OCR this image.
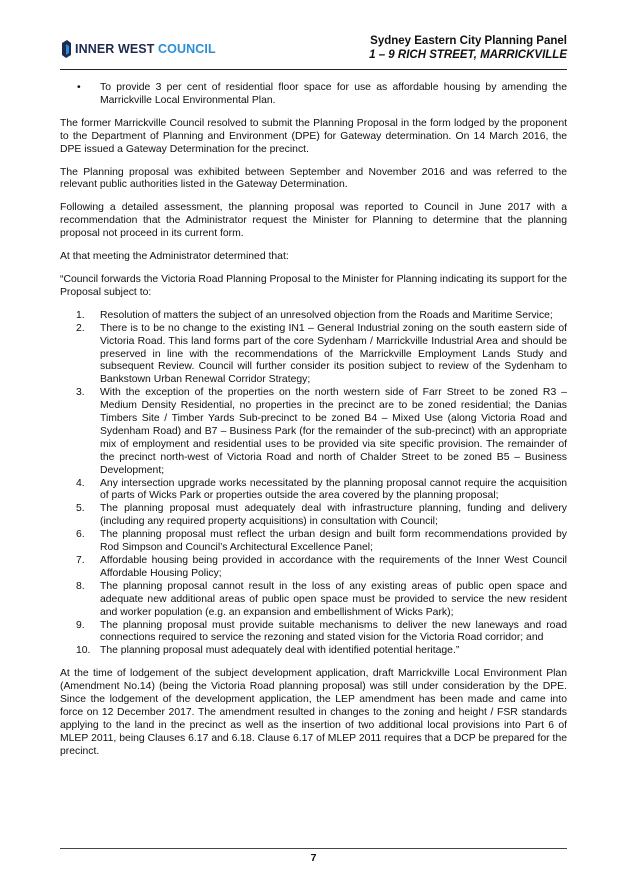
INNER WEST COUNCIL
Sydney Eastern City Planning Panel
1 – 9 RICH STREET, MARRICKVILLE
•	To provide 3 per cent of residential floor space for use as affordable housing by amending the Marrickville Local Environmental Plan.

The former Marrickville Council resolved to submit the Planning Proposal in the form lodged by the proponent to the Department of Planning and Environment (DPE) for Gateway determination. On 14 March 2016, the DPE issued a Gateway Determination for the precinct.

The Planning proposal was exhibited between September and November 2016 and was referred to the relevant public authorities listed in the Gateway Determination.

Following a detailed assessment, the planning proposal was reported to Council in June 2017 with a recommendation that the Administrator request the Minister for Planning to determine that the planning proposal not proceed in its current form.

At that meeting the Administrator determined that:

“Council forwards the Victoria Road Planning Proposal to the Minister for Planning indicating its support for the Proposal subject to:

1.	Resolution of matters the subject of an unresolved objection from the Roads and Maritime Service;
2.	There is to be no change to the existing IN1 – General Industrial zoning on the south eastern side of Victoria Road. This land forms part of the core Sydenham / Marrickville Industrial Area and should be preserved in line with the recommendations of the Marrickville Employment Lands Study and subsequent Review. Council will further consider its position subject to review of the Sydenham to Bankstown Urban Renewal Corridor Strategy;
3.	With the exception of the properties on the north western side of Farr Street to be zoned R3 – Medium Density Residential, no properties in the precinct are to be zoned residential; the Danias Timbers Site / Timber Yards Sub-precinct to be zoned B4 – Mixed Use (along Victoria Road and Sydenham Road) and B7 – Business Park (for the remainder of the sub-precinct) with an appropriate mix of employment and residential uses to be provided via site specific provision. The remainder of the precinct north-west of Victoria Road and north of Chalder Street to be zoned B5 – Business Development;
4.	Any intersection upgrade works necessitated by the planning proposal cannot require the acquisition of parts of Wicks Park or properties outside the area covered by the planning proposal;
5.	The planning proposal must adequately deal with infrastructure planning, funding and delivery (including any required property acquisitions) in consultation with Council;
6.	The planning proposal must reflect the urban design and built form recommendations provided by Rod Simpson and Council’s Architectural Excellence Panel;
7.	Affordable housing being provided in accordance with the requirements of the Inner West Council Affordable Housing Policy;
8.	The planning proposal cannot result in the loss of any existing areas of public open space and adequate new additional areas of public open space must be provided to service the new resident and worker population (e.g. an expansion and embellishment of Wicks Park);
9.	The planning proposal must provide suitable mechanisms to deliver the new laneways and road connections required to service the rezoning and stated vision for the Victoria Road corridor; and
10. The planning proposal must adequately deal with identified potential heritage.”

At the time of lodgement of the subject development application, draft Marrickville Local Environment Plan (Amendment No.14) (being the Victoria Road planning proposal) was still under consideration by the DPE. Since the lodgement of the development application, the LEP amendment has been made and came into force on 12 December 2017. The amendment resulted in changes to the zoning and height / FSR standards applying to the land in the precinct as well as the insertion of two additional local provisions into Part 6 of MLEP 2011, being Clauses 6.17 and 6.18. Clause 6.17 of MLEP 2011 requires that a DCP be prepared for the precinct.

7
